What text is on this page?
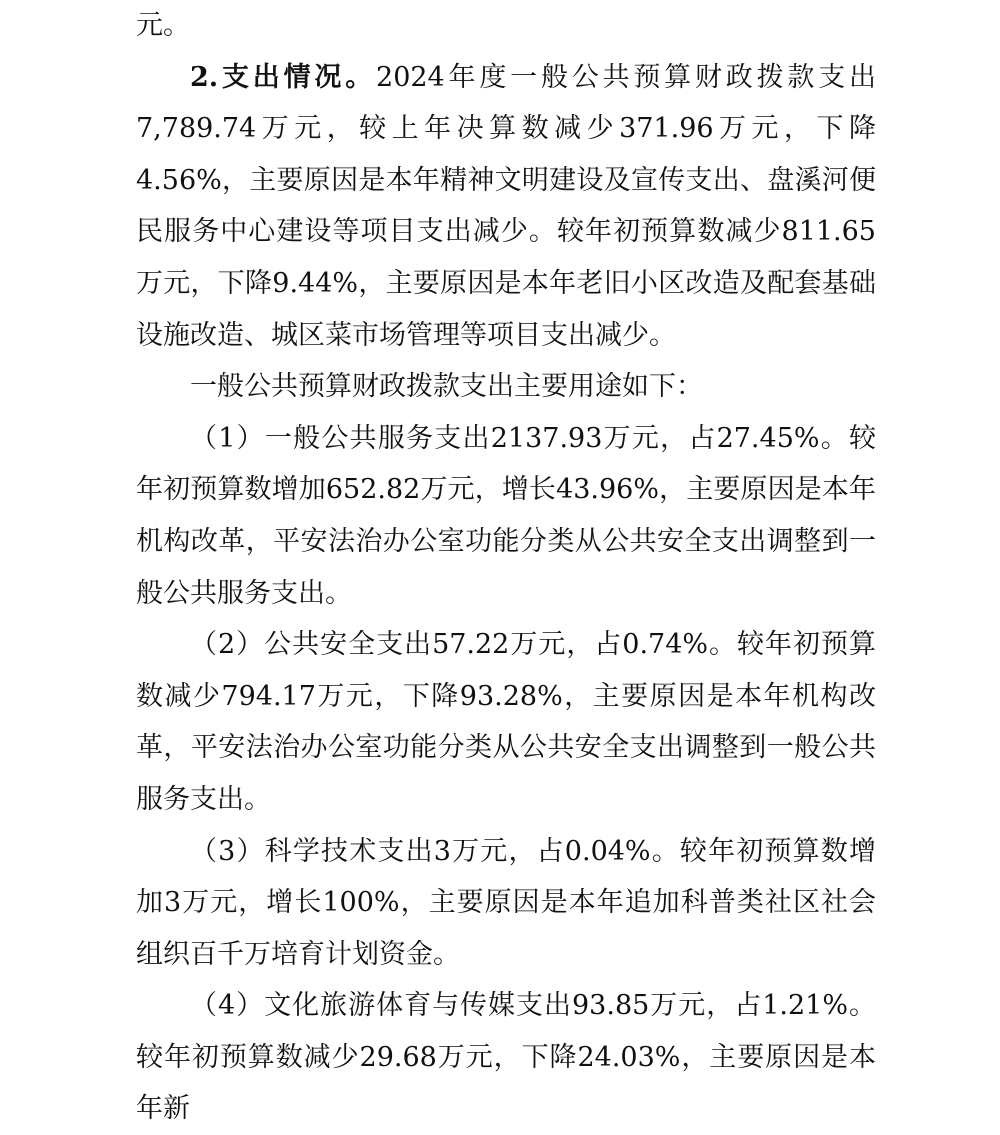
元。

2.支出情况。2024年度一般公共预算财政拨款支出7,789.74万元，较上年决算数减少371.96万元，下降4.56%，主要原因是本年精神文明建设及宣传支出、盘溪河便民服务中心建设等项目支出减少。较年初预算数减少811.65万元，下降9.44%，主要原因是本年老旧小区改造及配套基础设施改造、城区菜市场管理等项目支出减少。

一般公共预算财政拨款支出主要用途如下：

（1）一般公共服务支出2137.93万元，占27.45%。较年初预算数增加652.82万元，增长43.96%，主要原因是本年机构改革，平安法治办公室功能分类从公共安全支出调整到一般公共服务支出。

（2）公共安全支出57.22万元，占0.74%。较年初预算数减少794.17万元，下降93.28%，主要原因是本年机构改革，平安法治办公室功能分类从公共安全支出调整到一般公共服务支出。

（3）科学技术支出3万元，占0.04%。较年初预算数增加3万元，增长100%，主要原因是本年追加科普类社区社会组织百千万培育计划资金。

（4）文化旅游体育与传媒支出93.85万元，占1.21%。较年初预算数减少29.68万元，下降24.03%，主要原因是本年新
